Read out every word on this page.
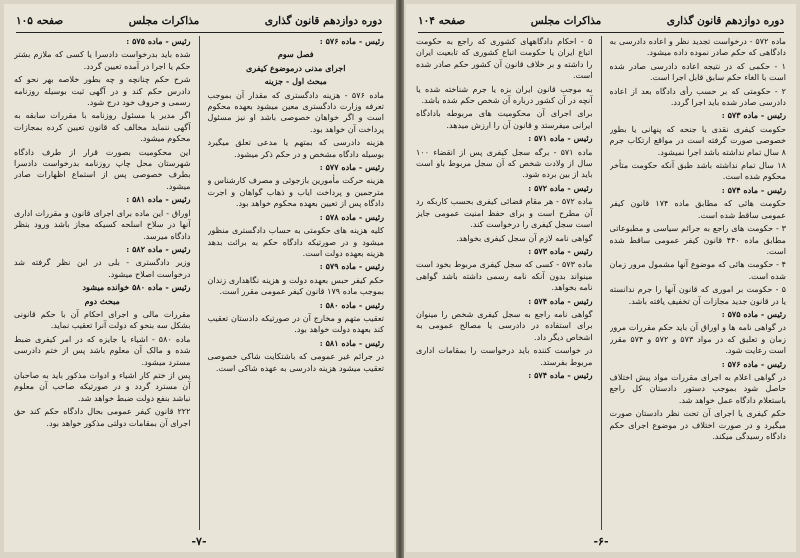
دوره دوازدهم قانون گذاری
مذاکرات مجلس
صفحه ۱۰۵

رئیس - ماده ۵۷۶ :

فصل سوم

اجرای مدنی درموضوع کیفری

مبحث اول - جزینه

ماده ۵۷۶ - هزینه دادگستری که مقدار آن بموجب تعرفه وزارت دادگستری معین میشود بعهده محکوم است و اگر خواهان خصوصی باشد او نیز مسئول پرداخت آن خواهد بود.

هزینه دادرسی که بمتهم یا مدعی تعلق میگیرد بوسیله دادگاه مشخص و در حکم ذکر میشود.

رئیس - ماده ۵۷۷ :

هزینه حرکت مأمورین بازجوئی و مصرف کارشناس و مترجمین و پرداخت ایاب و ذهاب گواهان و اجرت دادگاه پس از تعیین بعهده محکوم خواهد بود.

رئیس - ماده ۵۷۸ :

کلیه هزینه های حکومتی به حساب دادگستری منظور میشود و در صورتیکه دادگاه حکم به برائت بدهد هزینه بعهده دولت است.

رئیس - ماده ۵۷۹ :

حکم کیفر حبس بعهده دولت و هزینه نگاهداری زندان بموجب ماده ۱۷۹ قانون کیفر عمومی مقرر است.

رئیس - ماده ۵۸۰ :

تعقیب متهم و مخارج آن در صورتیکه دادستان تعقیب کند بعهده دولت خواهد بود.

رئیس - ماده ۵۸۱ :

در جرائم غیر عمومی که باشتکایت شاکی خصوصی تعقیب میشود هزینه دادرسی به عهده شاکی است.

رئیس - ماده ۵۷۵ :

شده باید بدرخواست دادسرا یا کسی که ملازم بشتر حکم یا اجرا در آمده تعیین گردد.

شرح حکم چنانچه و چه بطور خلاصه بهر نحو که دادرس حکم کند و در آگهی ثبت بوسیله روزنامه رسمی و حروف خود درج شود.

اگر مدیر یا مسئول روزنامه با مقررات سابقه به آگهی ننماید مخالف که قانون تعیین کرده بمجازات محکوم میشود.

این محکومیت بصورت قرار از طرف دادگاه شهرستان محل چاپ روزنامه بدرخواست دادسرا بطرف خصوصی پس از استماع اظهارات صادر میشود.

رئیس - ماده ۵۸۱ :

اوراق - این ماده برای اجرای قانون و مقررات اداری آنها در سلاح اسلحه کسیکه مجاز باشد ورود بنظر دادگاه میرسد.

رئیس - ماده ۵۸۲ :

وزیر دادگستری - بلی در این نظر گرفته شد درخواست اصلاح میشود.

رئیس - ماده ۵۸۰ خوانده میشود

مبحث دوم

مقررات مالی و اجرای احکام آن با حکم قانونی بشکل سه بنحو که دولت آنرا تعقیب نماید.

ماده ۵۸۰ - اشیاء یا جایزه که در امر کیفری ضبط شده و مالک آن معلوم باشد پس از ختم دادرسی مسترد میشود.

پس از ختم کار اشیاء و ادوات مذکور باید به صاحبان آن مسترد گردد و در صورتیکه صاحب آن معلوم نباشد بنفع دولت ضبط خواهد شد.

۲۲۲ قانون کیفر عمومی بحال دادگاه حکم کند حق اجرای آن بمقامات دولتی مذکور خواهد بود.

-۷-
دوره دوازدهم قانون گذاری
مذاکرات مجلس
صفحه ۱۰۴

ماده ۵۷۲ - درخواست تجدید نظر و اعاده دادرسی به دادگاهی که حکم صادر نموده داده میشود.

۱ - حکمی که در نتیجه اعاده دادرسی صادر شده است با الغاء حکم سابق قابل اجرا است.

۲ - حکومتی که بر حسب رأی دادگاه بعد از اعاده دادرسی صادر شده باید اجرا گردد.

رئیس - ماده ۵۷۳ :

حکومت کیفری نقدی یا جنحه که پنهانی یا بطور خصوصی صورت گرفته است در مواقع ارتکاب جرم ۸ سال تمام نداشته باشد اجرا نمیشود.

۱۸ سال تمام نداشته باشد طبق آنکه حکومت متأخر محکوم شده است.

رئیس - ماده ۵۷۴ :

حکومت هائی که مطابق ماده ۱۷۴ قانون کیفر عمومی ساقط شده است.

۳ - حکومت های راجع به جرائم سیاسی و مطبوعاتی مطابق ماده ۴۴۰ قانون کیفر عمومی ساقط شده است.

۴ - حکومت هائی که موضوع آنها مشمول مرور زمان شده است.

۵ - حکومت بر اموری که قانون آنها را جرم ندانسته یا در قانون جدید مجازات آن تخفیف یافته باشد.

رئیس - ماده ۵۷۵ :

در گواهی نامه ها و اوراق آن باید حکم مقررات مرور زمان و تعلیق که در مواد ۵۷۳ و ۵۷۲ و ۵۷۴ مقرر است رعایت شود.

رئیس - ماده ۵۷۶ :

در گواهی اعلام به اجرای مقررات مواد پیش اختلاف حاصل شود بموجب دستور دادستان کل راجع باستعلام دادگاه عمل خواهد شد.

حکم کیفری یا اجرای آن تحت نظر دادستان صورت میگیرد و در صورت اختلاف در موضوع اجرای حکم دادگاه رسیدگی میکند.

۵ - احکام دادگاههای کشوری که راجع به حکومت اتباع ایران یا حکومت اتباع کشوری که تابعیت ایران را داشته و بر خلاف قانون آن کشور حکم صادر شده است.

به موجب قانون ایران بزه یا جرم شناخته شده یا آنچه در آن کشور درباره آن شخص حکم شده باشد.

برای اجرای آن محکومیت های مربوطه بادادگاه ایرانی میفرستد و قانون آن را ارزش میدهد.

رئیس - ماده ۵۷۱ :

ماده ۵۷۱ - برگه سجل کیفری پس از انقضاء ۱۰۰ سال از ولادت شخص که آن سجل مربوط باو است باید از بین برده شود.

رئیس - ماده ۵۷۲ :

ماده ۵۷۲ - هر مقام قضائی کیفری بحسب کاربکه رد آن مطرح است و برای حفظ امنیت عمومی جایز است سجل کیفری را درخواست کند.

گواهی نامه لازم آن سجل کیفری بخواهد.

رئیس - ماده ۵۷۳ :

ماده ۵۷۳ - کسی که سجل کیفری مربوط بخود است مینواند بدون آنکه نامه رسمی داشته باشد گواهی نامه بخواهد.

رئیس - ماده ۵۷۴ :

گواهی نامه راجع به سجل کیفری شخص را مینوان برای استفاده در دادرسی یا مصالح عمومی به اشخاص دیگر داد.

در خواست کننده باید درخواست را بمقامات اداری مربوط بفرستد.

رئیس - ماده ۵۷۴ :

-۶-
